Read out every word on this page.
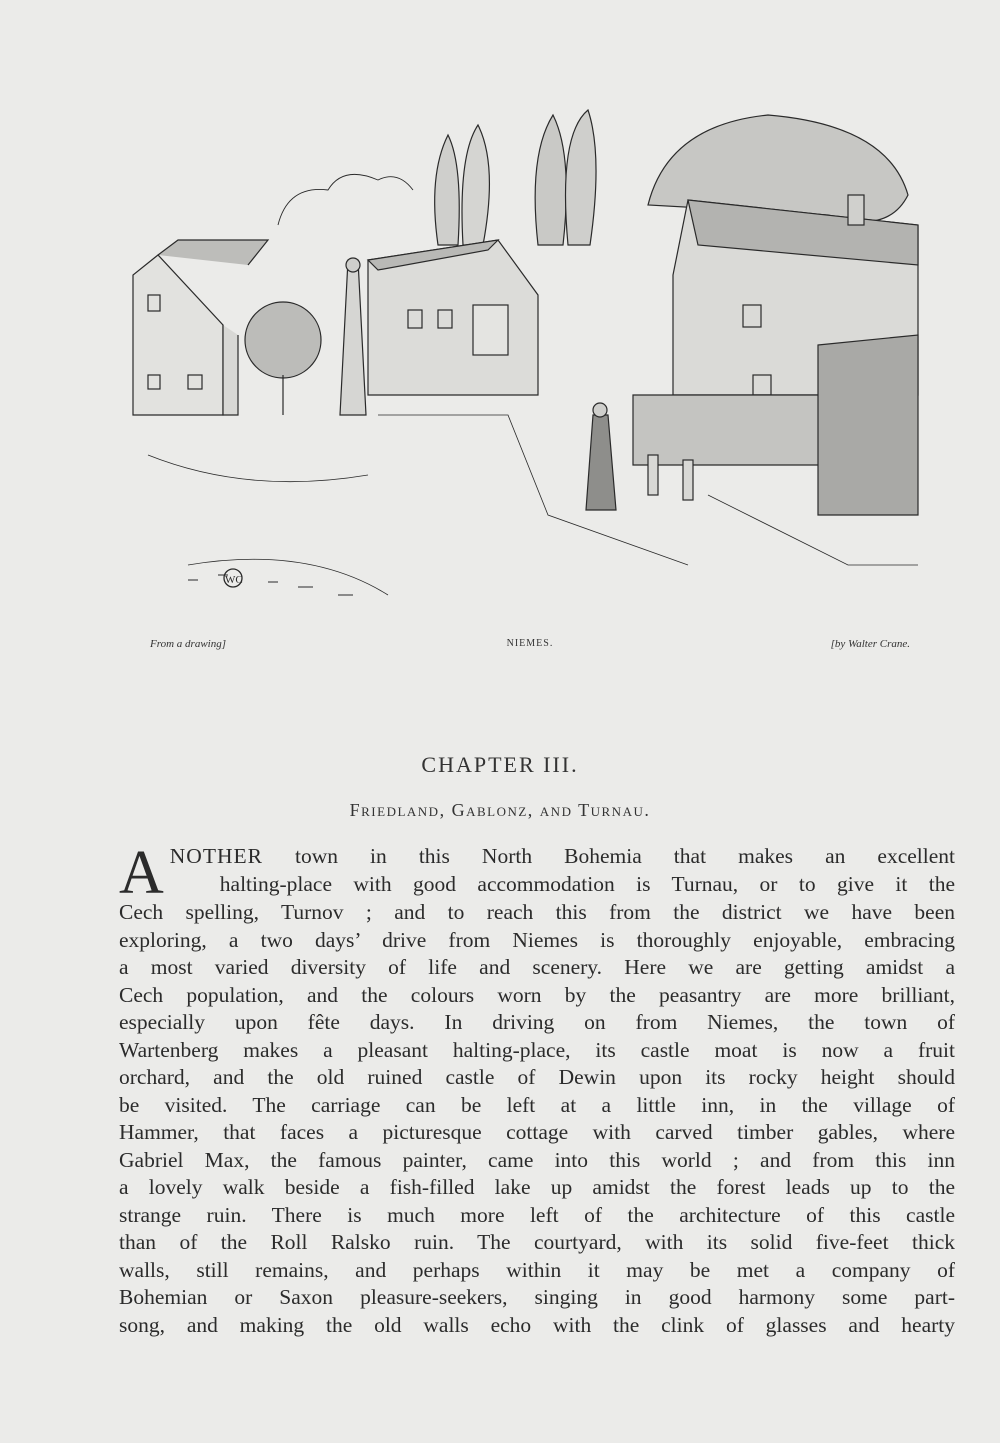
WC
From a drawing]	NIEMES.	[by Walter Crane.
CHAPTER III.
Friedland, Gablonz, and Turnau.
A NOTHER town in this North Bohemia that makes an excellent
halting-place with good accommodation is Turnau, or to give it the
Cech spelling, Turnov ; and to reach this from the district we have been
exploring, a two days’ drive from Niemes is thoroughly enjoyable, embracing
a most varied diversity of life and scenery. Here we are getting amidst a
Cech population, and the colours worn by the peasantry are more brilliant,
especially upon fête days. In driving on from Niemes, the town of
Wartenberg makes a pleasant halting-place, its castle moat is now a fruit
orchard, and the old ruined castle of Dewin upon its rocky height should
be visited. The carriage can be left at a little inn, in the village of
Hammer, that faces a picturesque cottage with carved timber gables, where
Gabriel Max, the famous painter, came into this world ; and from this inn
a lovely walk beside a fish-filled lake up amidst the forest leads up to the
strange ruin. There is much more left of the architecture of this castle
than of the Roll Ralsko ruin. The courtyard, with its solid five-feet thick
walls, still remains, and perhaps within it may be met a company of
Bohemian or Saxon pleasure-seekers, singing in good harmony some part-
song, and making the old walls echo with the clink of glasses and hearty
